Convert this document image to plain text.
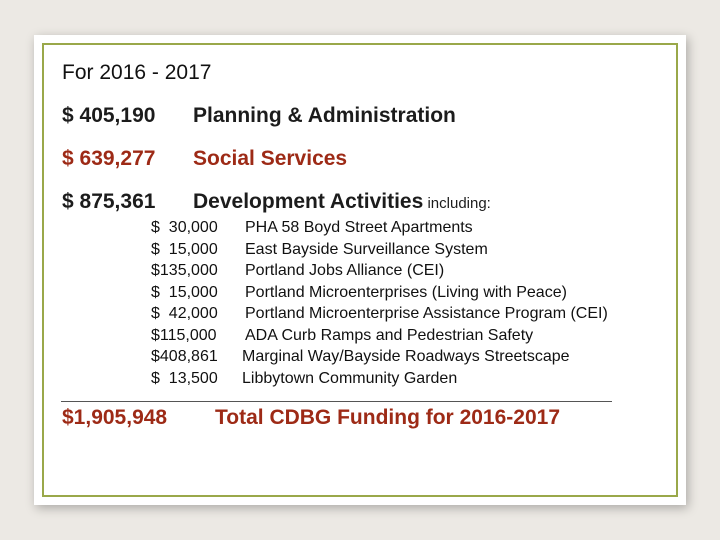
For 2016 - 2017
$ 405,190 Planning & Administration
$ 639,277 Social Services
$ 875,361 Development Activities including:
$  30,000 PHA 58 Boyd Street Apartments
$  15,000 East Bayside Surveillance System
$135,000 Portland Jobs Alliance (CEI)
$  15,000 Portland Microenterprises (Living with Peace)
$  42,000 Portland Microenterprise Assistance Program (CEI)
$115,000 ADA Curb Ramps and Pedestrian Safety
$408,861 Marginal Way/Bayside Roadways Streetscape
$  13,500 Libbytown Community Garden
$1,905,948 Total CDBG Funding for 2016-2017
